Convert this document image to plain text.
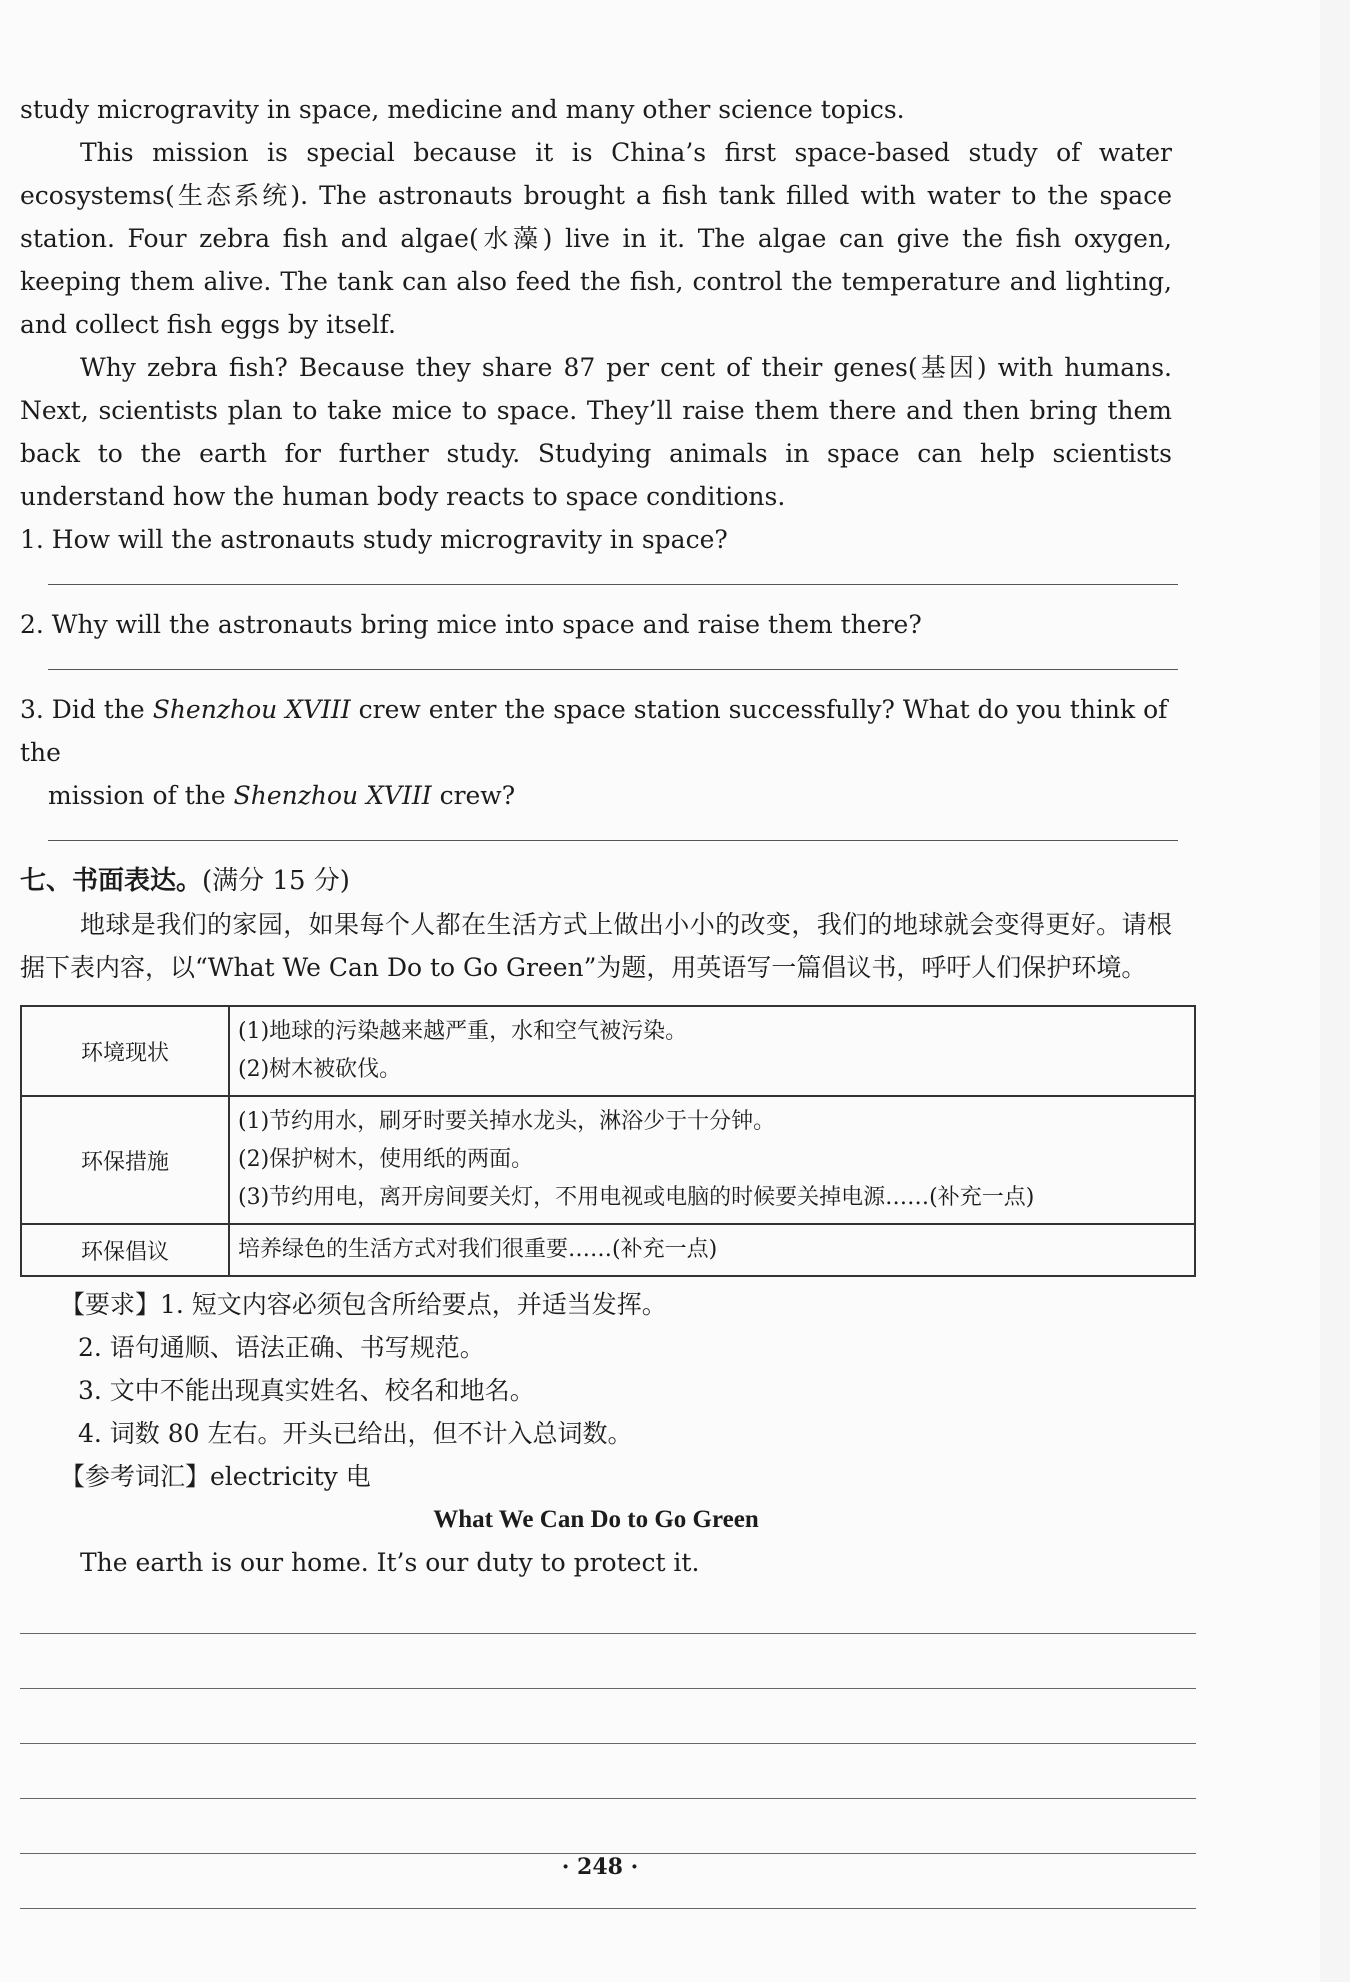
study microgravity in space, medicine and many other science topics.

This mission is special because it is China’s first space-based study of water ecosystems(生态系统). The astronauts brought a fish tank filled with water to the space station. Four zebra fish and algae(水藻) live in it. The algae can give the fish oxygen, keeping them alive. The tank can also feed the fish, control the temperature and lighting, and collect fish eggs by itself.

Why zebra fish? Because they share 87 per cent of their genes(基因) with humans. Next, scientists plan to take mice to space. They’ll raise them there and then bring them back to the earth for further study. Studying animals in space can help scientists understand how the human body reacts to space conditions.

1. How will the astronauts study microgravity in space?

2. Why will the astronauts bring mice into space and raise them there?

3. Did the Shenzhou XVIII crew enter the space station successfully? What do you think of the

mission of the Shenzhou XVIII crew?

七、书面表达。(满分 15 分)

地球是我们的家园，如果每个人都在生活方式上做出小小的改变，我们的地球就会变得更好。请根据下表内容，以“What We Can Do to Go Green”为题，用英语写一篇倡议书，呼吁人们保护环境。

环境现状	(1)地球的污染越来越严重，水和空气被污染。
(2)树木被砍伐。

环保措施	(1)节约用水，刷牙时要关掉水龙头，淋浴少于十分钟。
(2)保护树木，使用纸的两面。
(3)节约用电，离开房间要关灯，不用电视或电脑的时候要关掉电源……(补充一点)

环保倡议	培养绿色的生活方式对我们很重要……(补充一点)

【要求】1. 短文内容必须包含所给要点，并适当发挥。

2. 语句通顺、语法正确、书写规范。

3. 文中不能出现真实姓名、校名和地名。

4. 词数 80 左右。开头已给出，但不计入总词数。

【参考词汇】electricity 电

What We Can Do to Go Green

The earth is our home. It’s our duty to protect it.

· 248 ·
